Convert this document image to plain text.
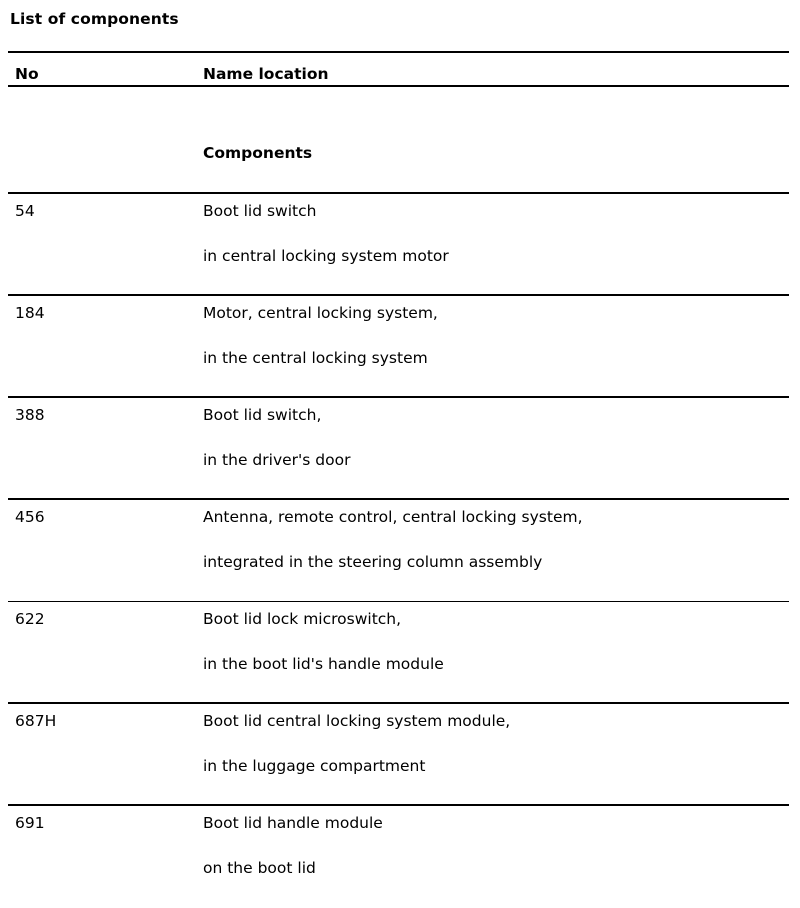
List of components
No	Name location
Components
54	Boot lid switch
in central locking system motor
184	Motor, central locking system,
in the central locking system
388	Boot lid switch,
in the driver's door
456	Antenna, remote control, central locking system,
integrated in the steering column assembly
622	Boot lid lock microswitch,
in the boot lid's handle module
687H	Boot lid central locking system module,
in the luggage compartment
691	Boot lid handle module
on the boot lid
